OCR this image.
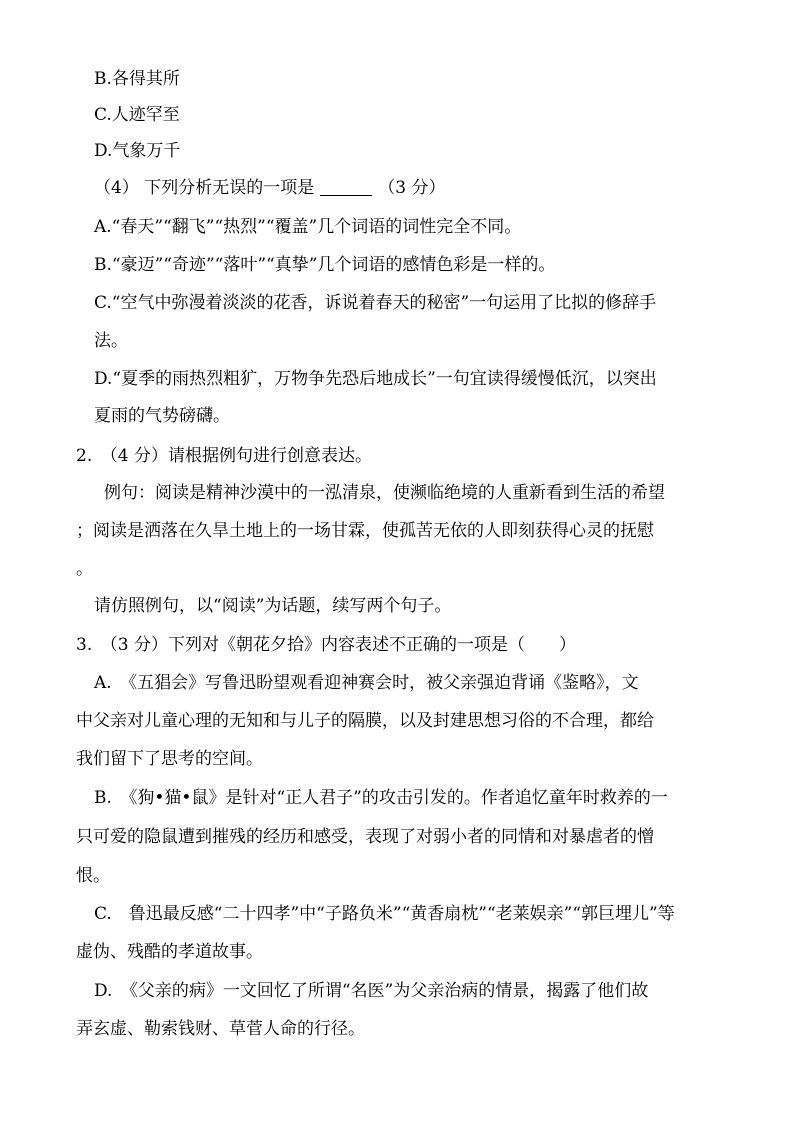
B.各得其所
C.人迹罕至
D.气象万千
（4） 下列分析无误的一项是	（3 分）
A.“春天”“翻飞”“热烈”“覆盖”几个词语的词性完全不同。
B.“豪迈”“奇迹”“落叶”“真挚”几个词语的感情色彩是一样的。
C.“空气中弥漫着淡淡的花香，诉说着春天的秘密”一句运用了比拟的修辞手
法。
D.“夏季的雨热烈粗犷，万物争先恐后地成长”一句宜读得缓慢低沉，以突出
夏雨的气势磅礴。
2.　（4 分）请根据例句进行创意表达。
例句：阅读是精神沙漠中的一泓清泉，使濒临绝境的人重新看到生活的希望
；阅读是洒落在久旱土地上的一场甘霖，使孤苦无依的人即刻获得心灵的抚慰
。
请仿照例句，以“阅读”为话题，续写两个句子。
3.　（3 分）下列对《朝花夕拾》内容表述不正确的一项是（　　）
A.　《五猖会》写鲁迅盼望观看迎神赛会时，被父亲强迫背诵《鉴略》，文
中父亲对儿童心理的无知和与儿子的隔膜，以及封建思想习俗的不合理，都给
我们留下了思考的空间。
B.　《狗•猫•鼠》是针对“正人君子”的攻击引发的。作者追忆童年时救养的一
只可爱的隐鼠遭到摧残的经历和感受，表现了对弱小者的同情和对暴虐者的憎
恨。
C.　鲁迅最反感“二十四孝”中“子路负米”“黄香扇枕”“老莱娱亲”“郭巨埋儿”等
虚伪、残酷的孝道故事。
D.　《父亲的病》一文回忆了所谓“名医”为父亲治病的情景，揭露了他们故
弄玄虚、勒索钱财、草菅人命的行径。
